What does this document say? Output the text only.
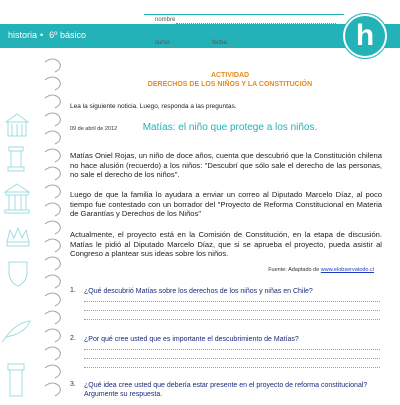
historia • 6º básico
nombre
curso	fecha	h
ACTIVIDAD
DERECHOS DE LOS NIÑOS Y LA CONSTITUCIÓN
Lea la siguiente noticia. Luego, responda a las preguntas.
09 de abril de 2012	Matías: el niño que protege a los niños.
Matías Oniel Rojas, un niño de doce años, cuenta que descubrió que la Constitución chilena no hace alusión (recuerdo) a los niños: "Descubrí que sólo sale el derecho de las personas, no sale el derecho de los niños".
Luego de que la familia lo ayudara a enviar un correo al Diputado Marcelo Díaz, al poco tiempo fue contestado con un borrador del "Proyecto de Reforma Constitucional en Materia de Garantías y Derechos de los Niños"
Actualmente, el proyecto está en la Comisión de Constitución, en la etapa de discusión. Matías le pidió al Diputado Marcelo Díaz, que si se aprueba el proyecto, pueda asistir al Congreso a plantear sus ideas sobre los niños.
Fuente: Adaptado de www.elobservatodo.cl
1. ¿Qué descubrió Matías sobre los derechos de los niños y niñas en Chile?
2. ¿Por qué cree usted que es importante el descubrimiento de Matías?
3. ¿Qué idea cree usted que debería estar presente en el proyecto de reforma constitucional? Argumente su respuesta.
